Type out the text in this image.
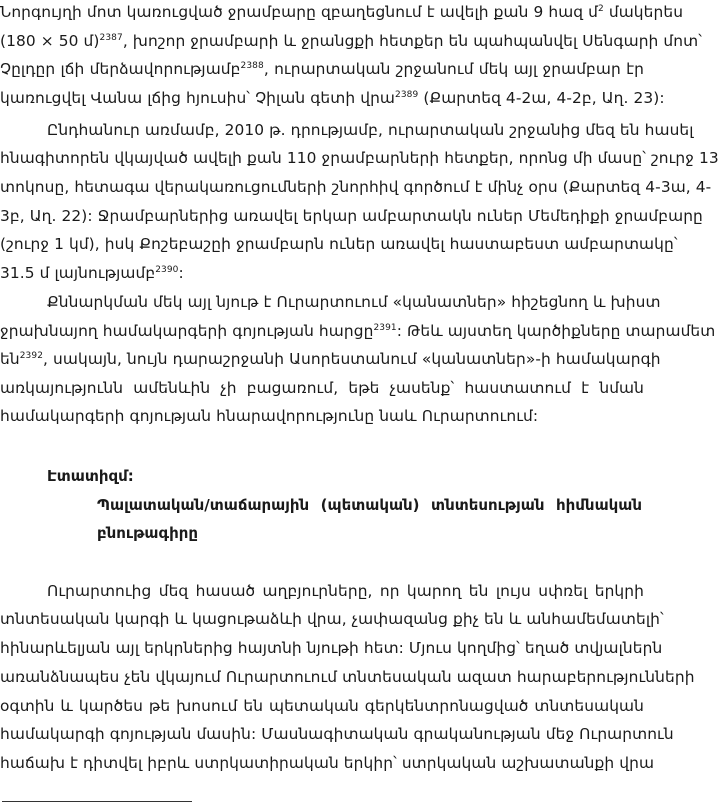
Նորգույղի մոտ կառուցված ջրամբարը զբաղեցնում է ավելի քան 9 հազ մ$^2$ մակերես
(180 × 50 մ)$^{2387}$, խոշոր ջրամբարի և ջրանցքի հետքեր են պահպանվել Սենգարի մոտ՝
Չըլդըր լճի մերձավորությամբ$^{2388}$, ուրարտական շրջանում մեկ այլ ջրամբար էր
կառուցվել Վանա լճից հյուսիս՝ Չիլան գետի վրա$^{2389}$ (Քարտեզ 4-2ա, 4-2բ, Աղ. 23):
Ընդհանուր առմամբ, 2010 թ. դրությամբ, ուրարտական շրջանից մեզ են հասել
հնագիտորեն վկայված ավելի քան 110 ջրամբարների հետքեր, որոնց մի մասը՝ շուրջ 13
տոկոսը, հետագա վերակառուցումների շնորհիվ գործում է մինչ օրս (Քարտեզ 4-3ա, 4-
3բ, Աղ. 22): Ջրամբարներից առավել երկար ամբարտակն ուներ Մեմեդիքի ջրամբարը
(շուրջ 1 կմ), իսկ Քոշեբաշըի ջրամբարն ուներ առավել հաստաբեստ ամբարտակը՝
31.5 մ լայնությամբ$^{2390}$:
Քննարկման մեկ այլ նյութ է Ուրարտուում «կանատներ» հիշեցնող և խիստ
ջրախնայող համակարգերի գոյության հարցը$^{2391}$: Թեև այստեղ կարծիքները տարամետ
են$^{2392}$, սակայն, նույն դարաշրջանի Ասորեստանում «կանատներ»-ի համակարգի
առկայությունն ամենևին չի բացառում, եթե չասենք՝ հաստատում է նման
համակարգերի գոյության հնարավորությունը նաև Ուրարտուում:
Էտատիզմ:
Պալատական/տաճարային (պետական) տնտեսության հիմնական
բնութագիրը
Ուրարտուից մեզ հասած աղբյուրները, որ կարող են լույս սփռել երկրի
տնտեսական կարգի և կացութաձևի վրա, չափազանց քիչ են և անհամեմատելի՝
հինարևելյան այլ երկրներից հայտնի նյութի հետ: Մյուս կողմից՝ եղած տվյալներն
առանձնապես չեն վկայում Ուրարտուում տնտեսական ազատ հարաբերությունների
օգտին և կարծես թե խոսում են պետական գերկենտրոնացված տնտեսական
համակարգի գոյության մասին: Մասնագիտական գրականության մեջ Ուրարտուն
հաճախ է դիտվել իբրև ստրկատիրական երկիր՝ ստրկական աշխատանքի վրա
